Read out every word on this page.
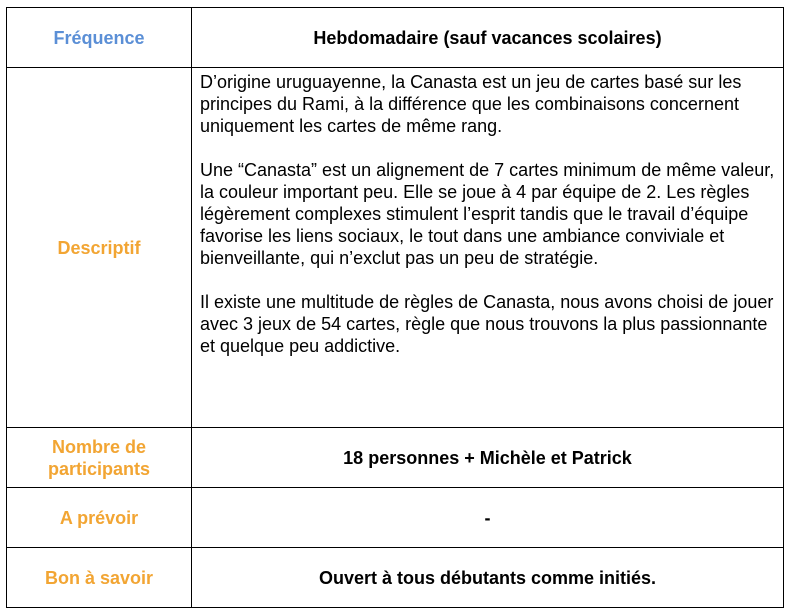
Fréquence	Hebdomadaire (sauf vacances scolaires)
Descriptif	D’origine uruguayenne, la Canasta est un jeu de cartes basé sur les principes du Rami, à la différence que les combinaisons concernent uniquement les cartes de même rang.

Une “Canasta” est un alignement de 7 cartes minimum de même valeur, la couleur important peu. Elle se joue à 4 par équipe de 2. Les règles légèrement complexes stimulent l’esprit tandis que le travail d’équipe favorise les liens sociaux, le tout dans une ambiance conviviale et bienveillante, qui n’exclut pas un peu de stratégie.

Il existe une multitude de règles de Canasta, nous avons choisi de jouer avec 3 jeux de 54 cartes, règle que nous trouvons la plus passionnante et quelque peu addictive.

Nombre de participants	18 personnes + Michèle et Patrick
A prévoir	-
Bon à savoir	Ouvert à tous débutants comme initiés.
